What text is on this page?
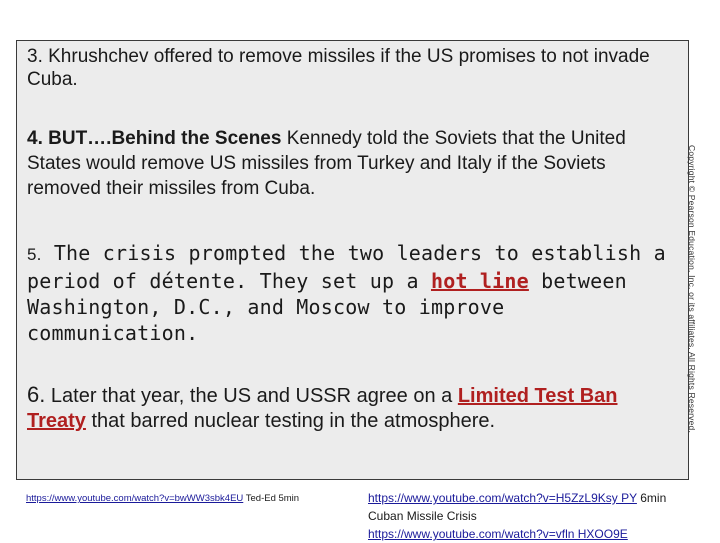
3. Khrushchev offered to remove missiles if the US promises to not invade Cuba.

4. BUT….Behind the Scenes Kennedy told the Soviets that the United States would remove US missiles from Turkey and Italy if the Soviets removed their missiles from Cuba.

5. The crisis prompted the two leaders to establish a period of détente. They set up a hot line between Washington, D.C., and Moscow to improve communication.

6. Later that year, the US and USSR agree on a Limited Test Ban Treaty that barred nuclear testing in the atmosphere.	Copyright © Pearson Education, Inc. or its affiliates. All Rights Reserved.
https://www.youtube.com/watch?v=bwWW3sbk4EU Ted-Ed 5min	https://www.youtube.com/watch?v=H5ZzL9Ksy PY 6min
Cuban Missile Crisis
https://www.youtube.com/watch?v=vfln HXOO9E
